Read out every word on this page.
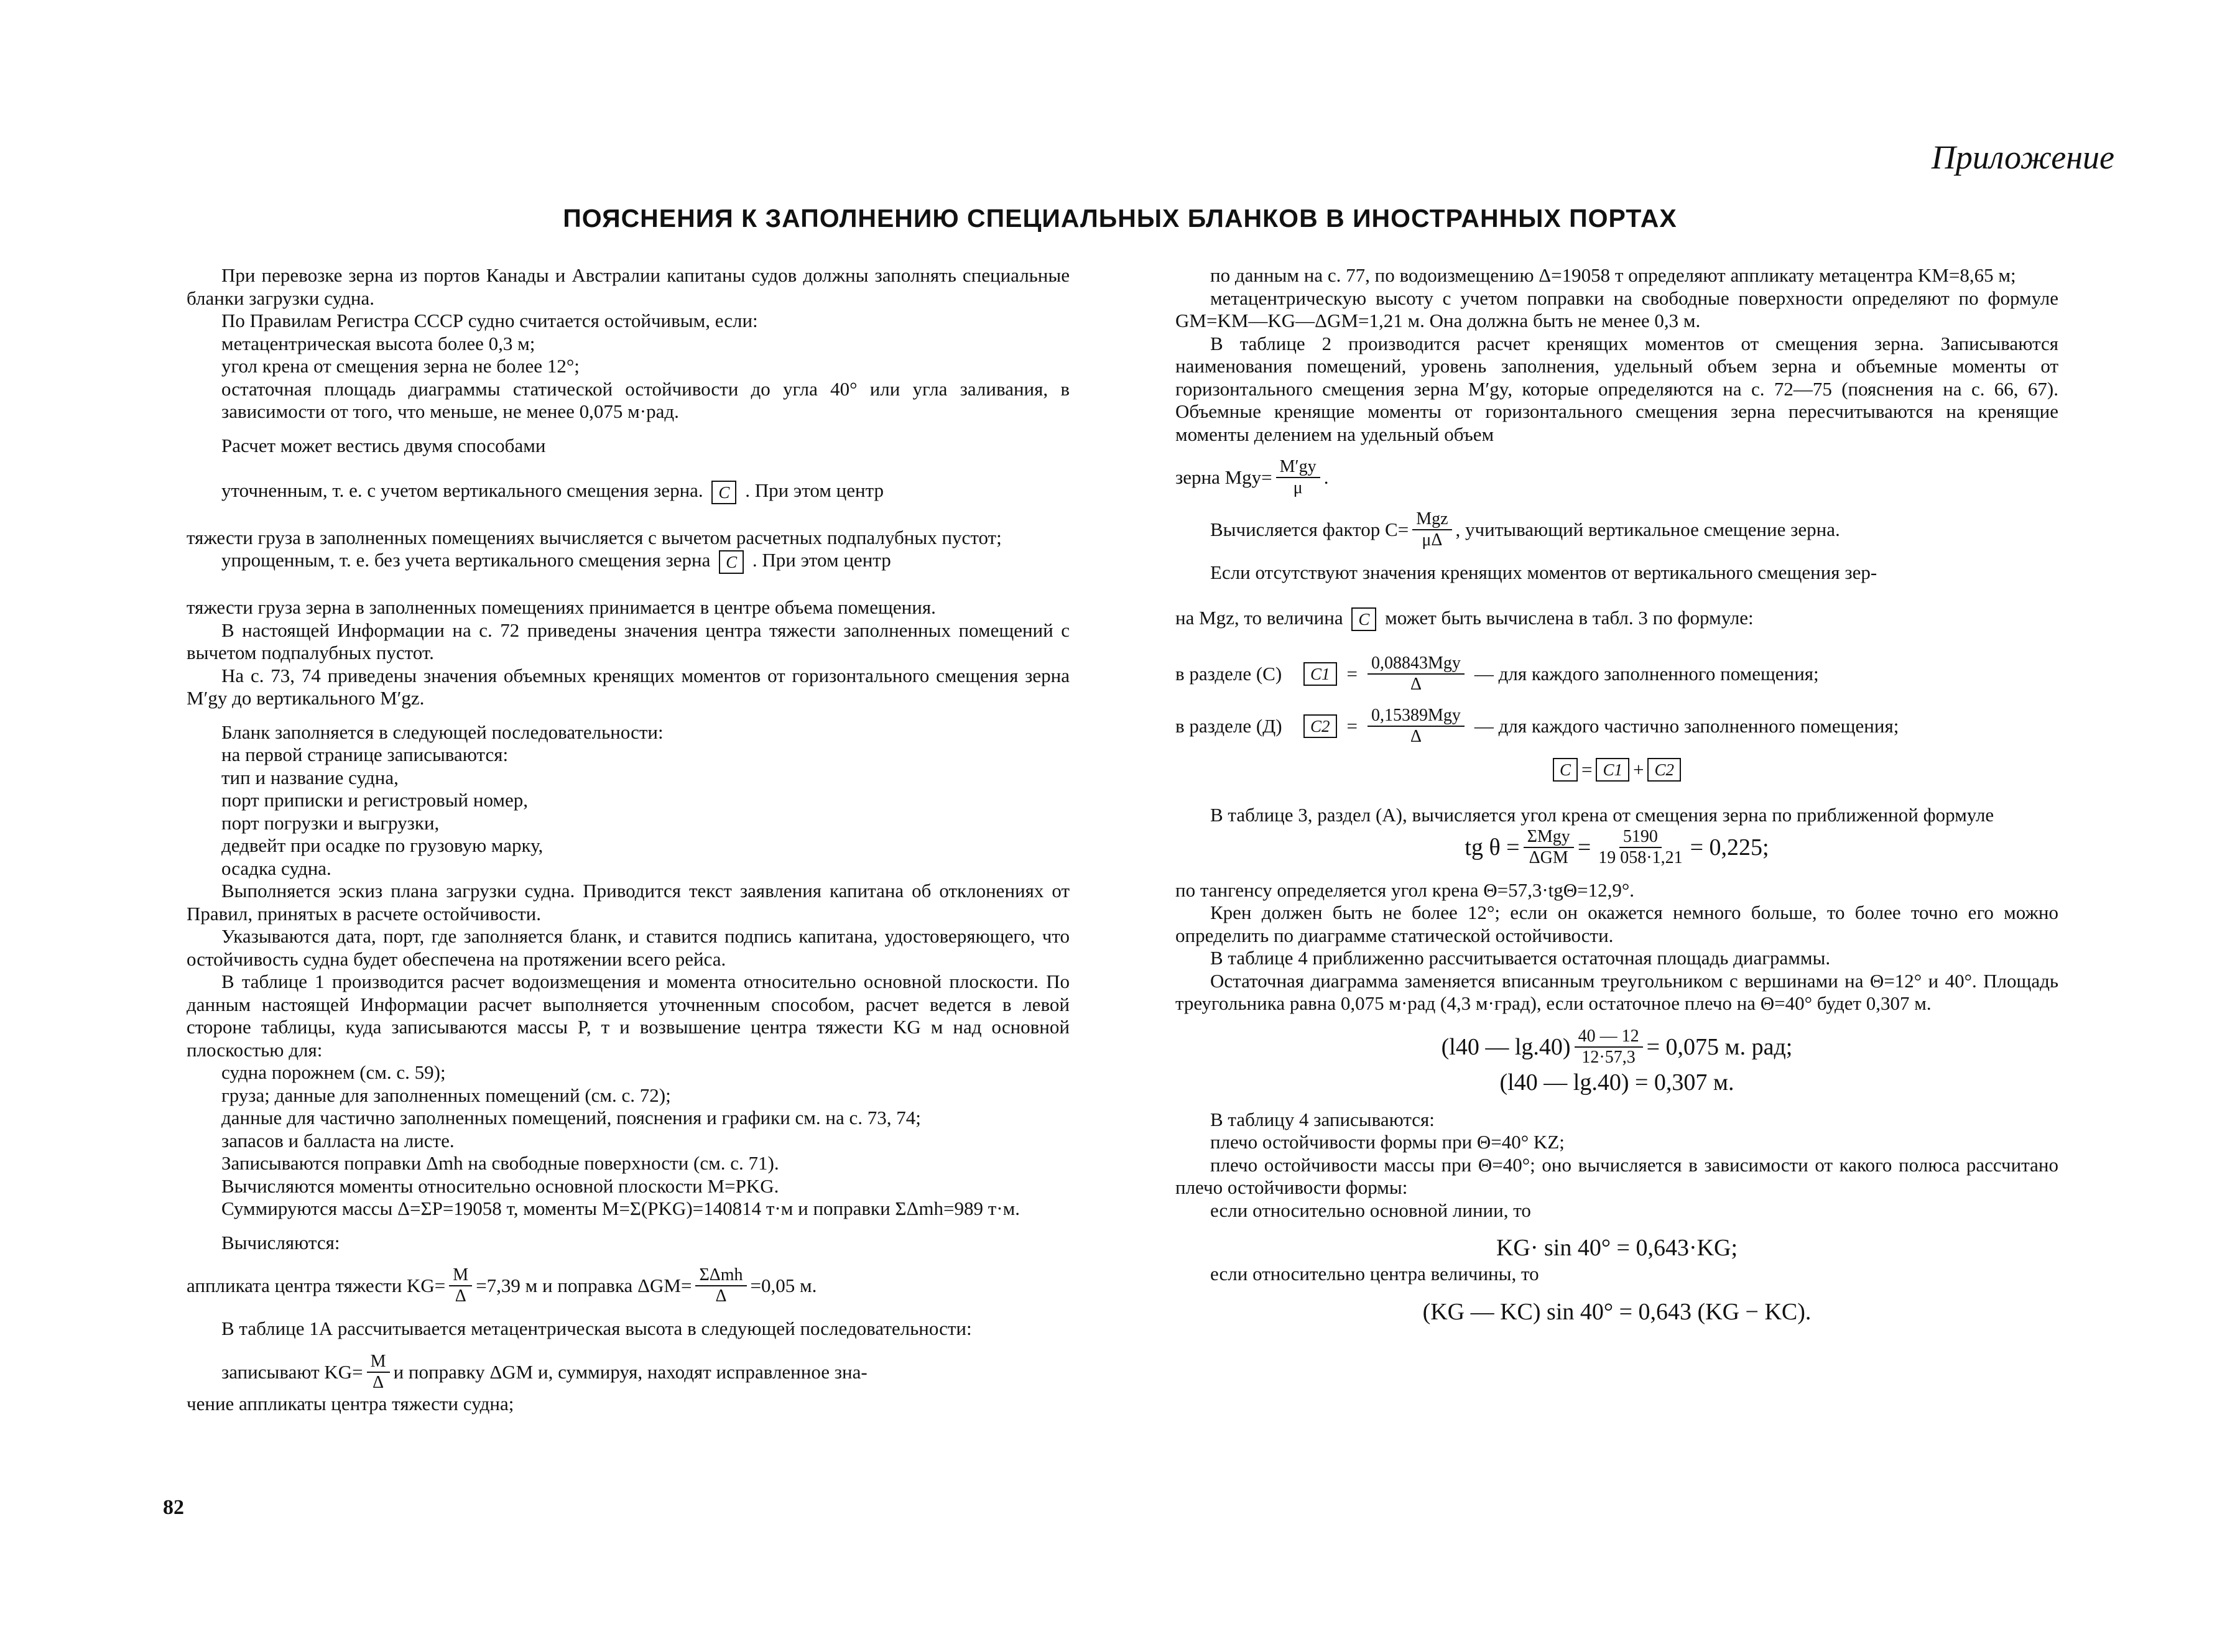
Приложение
ПОЯСНЕНИЯ К ЗАПОЛНЕНИЮ СПЕЦИАЛЬНЫХ БЛАНКОВ В ИНОСТРАННЫХ ПОРТАХ

При перевозке зерна из портов Канады и Австралии капитаны судов должны заполнять специальные бланки загрузки судна.

По Правилам Регистра СССР судно считается остойчивым, если:

метацентрическая высота более 0,3 м;

угол крена от смещения зерна не более 12°;

остаточная площадь диаграммы статической остойчивости до угла 40° или угла заливания, в зависимости от того, что меньше, не менее 0,075 м·рад.

Расчет может вестись двумя способами

уточненным, т. е. с учетом вертикального смещения зерна. C . При этом центр

тяжести груза в заполненных помещениях вычисляется с вычетом расчетных подпалубных пустот;

упрощенным, т. е. без учета вертикального смещения зерна C . При этом центр

тяжести груза зерна в заполненных помещениях принимается в центре объема помещения.

В настоящей Информации на с. 72 приведены значения центра тяжести заполненных помещений с вычетом подпалубных пустот.

На с. 73, 74 приведены значения объемных кренящих моментов от горизонтального смещения зерна M′gy до вертикального M′gz.

Бланк заполняется в следующей последовательности:

на первой странице записываются:

тип и название судна,

порт приписки и регистровый номер,

порт погрузки и выгрузки,

дедвейт при осадке по грузовую марку,

осадка судна.

Выполняется эскиз плана загрузки судна. Приводится текст заявления капитана об отклонениях от Правил, принятых в расчете остойчивости.

Указываются дата, порт, где заполняется бланк, и ставится подпись капитана, удостоверяющего, что остойчивость судна будет обеспечена на протяжении всего рейса.

В таблице 1 производится расчет водоизмещения и момента относительно основной плоскости. По данным настоящей Информации расчет выполняется уточненным способом, расчет ведется в левой стороне таблицы, куда записываются массы P, т и возвышение центра тяжести KG м над основной плоскостью для:

судна порожнем (см. с. 59);

груза; данные для заполненных помещений (см. с. 72);

данные для частично заполненных помещений, пояснения и графики см. на с. 73, 74;

запасов и балласта на листе.

Записываются поправки Δmh на свободные поверхности (см. с. 71).

Вычисляются моменты относительно основной плоскости M=PKG.

Суммируются массы Δ=ΣP=19058 т, моменты M=Σ(PKG)=140814 т·м и поправки ΣΔmh=989 т·м.

Вычисляются:

аппликата центра тяжести $KG= \frac{M}{\Delta} =7,39$ м и поправка $\Delta GM= \frac{\text{ΣΔmh}}{\Delta} =0,05$ м.

В таблице 1А рассчитывается метацентрическая высота в следующей последовательности:

записывают $KG= \frac{M}{\Delta}$ и поправку ΔGM и, суммируя, находят исправленное зна-

чение аппликаты центра тяжести судна;

по данным на с. 77, по водоизмещению Δ=19058 т определяют аппликату метацентра KM=8,65 м;

метацентрическую высоту с учетом поправки на свободные поверхности определяют по формуле GM=KM—KG—ΔGM=1,21 м. Она должна быть не менее 0,3 м.

В таблице 2 производится расчет кренящих моментов от смещения зерна. Записываются наименования помещений, уровень заполнения, удельный объем зерна и объемные моменты от горизонтального смещения зерна M′gy, которые определяются на с. 72—75 (пояснения на с. 66, 67). Объемные кренящие моменты от горизонтального смещения зерна пересчитываются на кренящие моменты делением на удельный объем

зерна $Mgy= \frac{M'gy}{\mu}$ .

Вычисляется фактор $C= \frac{\text{Mgz}}{\mu\Delta}$ , учитывающий вертикальное смещение зерна.

Если отсутствуют значения кренящих моментов от вертикального смещения зер-

на Mgz, то величина C может быть вычислена в табл. 3 по формуле:

в разделе (С)	$C1 = \frac{\text{0,08843Mgy}}{\Delta}$ — для каждого заполненного помещения;
в разделе (Д)	$C2 = \frac{\text{0,15389Mgy}}{\Delta}$ — для каждого частично заполненного помещения;
C = C1 + C2

В таблице 3, раздел (А), вычисляется угол крена от смещения зерна по приближенной формуле

tg $\theta = \frac{\text{ΣMgy}}{\text{ΔGM}} = \frac{5190}{19 058\cdot 1,21} = 0,225$;

по тангенсу определяется угол крена Θ=57,3·tgΘ=12,9°.

Крен должен быть не более 12°; если он окажется немного больше, то более точно его можно определить по диаграмме статической остойчивости.

В таблице 4 приближенно рассчитывается остаточная площадь диаграммы.

Остаточная диаграмма заменяется вписанным треугольником с вершинами на Θ=12° и 40°. Площадь треугольника равна 0,075 м·рад (4,3 м·град), если остаточное плечо на Θ=40° будет 0,307 м.

(l40 — $\lg.40) \frac{40 — 12}{12\cdot 57,3} = 0,075$ м. рад;

(l40 — lg.40) = 0,307 м.

В таблицу 4 записываются:

плечо остойчивости формы при Θ=40° KZ;

плечо остойчивости массы при Θ=40°; оно вычисляется в зависимости от какого полюса рассчитано плечо остойчивости формы:

если относительно основной линии, то

KG· sin 40° = 0,643·KG;

если относительно центра величины, то

(KG — KC) sin 40° = 0,643 (KG − KC).

82
